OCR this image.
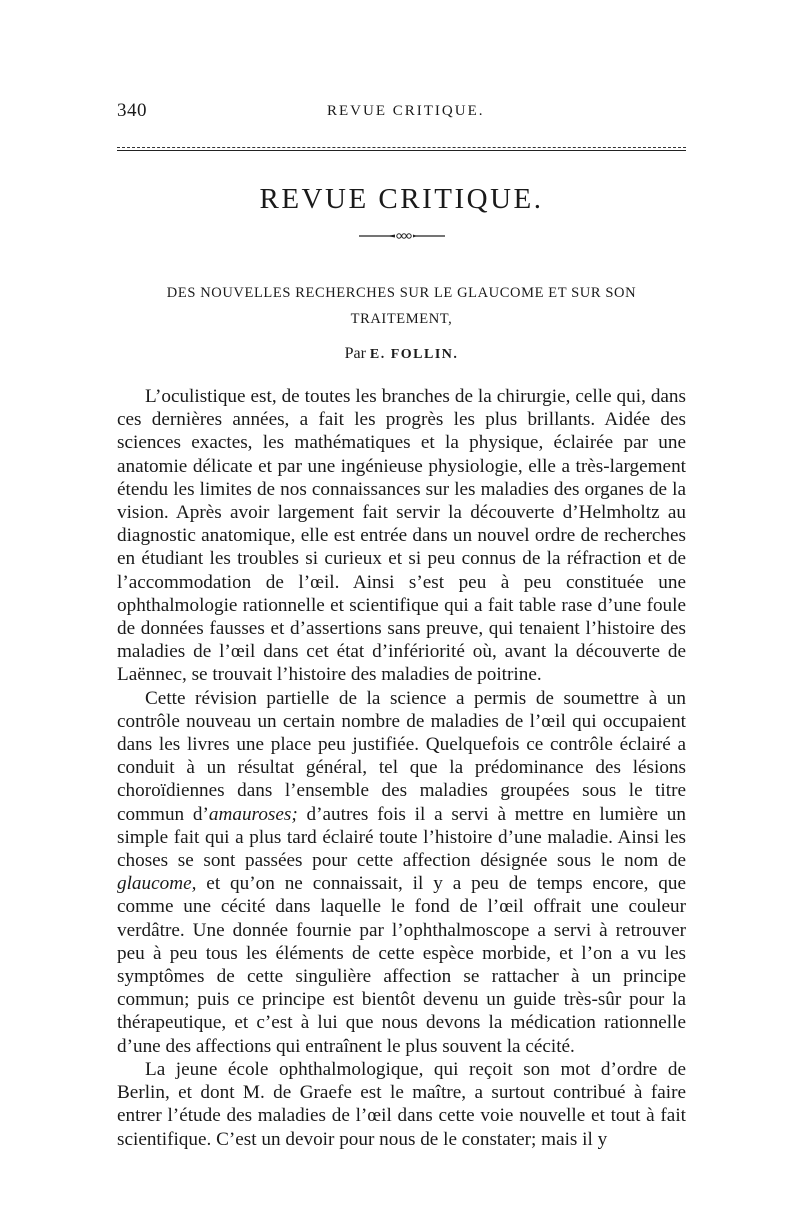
340	REVUE CRITIQUE.
REVUE CRITIQUE.
DES NOUVELLES RECHERCHES SUR LE GLAUCOME ET SUR SON
TRAITEMENT,
Par E. FOLLIN.

L’oculistique est, de toutes les branches de la chirurgie, celle qui, dans ces dernières années, a fait les progrès les plus brillants. Aidée des sciences exactes, les mathématiques et la physique, éclairée par une anatomie délicate et par une ingénieuse physiologie, elle a très-largement étendu les limites de nos connaissances sur les maladies des organes de la vision. Après avoir largement fait servir la découverte d’Helmholtz au diagnostic anatomique, elle est entrée dans un nouvel ordre de recherches en étudiant les troubles si curieux et si peu connus de la réfraction et de l’accommodation de l’œil. Ainsi s’est peu à peu constituée une ophthalmologie rationnelle et scientifique qui a fait table rase d’une foule de données fausses et d’assertions sans preuve, qui tenaient l’histoire des maladies de l’œil dans cet état d’infériorité où, avant la découverte de Laënnec, se trouvait l’histoire des maladies de poitrine.

Cette révision partielle de la science a permis de soumettre à un contrôle nouveau un certain nombre de maladies de l’œil qui occupaient dans les livres une place peu justifiée. Quelquefois ce contrôle éclairé a conduit à un résultat général, tel que la prédominance des lésions choroïdiennes dans l’ensemble des maladies groupées sous le titre commun d’amauroses; d’autres fois il a servi à mettre en lumière un simple fait qui a plus tard éclairé toute l’histoire d’une maladie. Ainsi les choses se sont passées pour cette affection désignée sous le nom de glaucome, et qu’on ne connaissait, il y a peu de temps encore, que comme une cécité dans laquelle le fond de l’œil offrait une couleur verdâtre. Une donnée fournie par l’ophthalmoscope a servi à retrouver peu à peu tous les éléments de cette espèce morbide, et l’on a vu les symptômes de cette singulière affection se rattacher à un principe commun; puis ce principe est bientôt devenu un guide très-sûr pour la thérapeutique, et c’est à lui que nous devons la médication rationnelle d’une des affections qui entraînent le plus souvent la cécité.

La jeune école ophthalmologique, qui reçoit son mot d’ordre de Berlin, et dont M. de Graefe est le maître, a surtout contribué à faire entrer l’étude des maladies de l’œil dans cette voie nouvelle et tout à fait scientifique. C’est un devoir pour nous de le constater; mais il y
